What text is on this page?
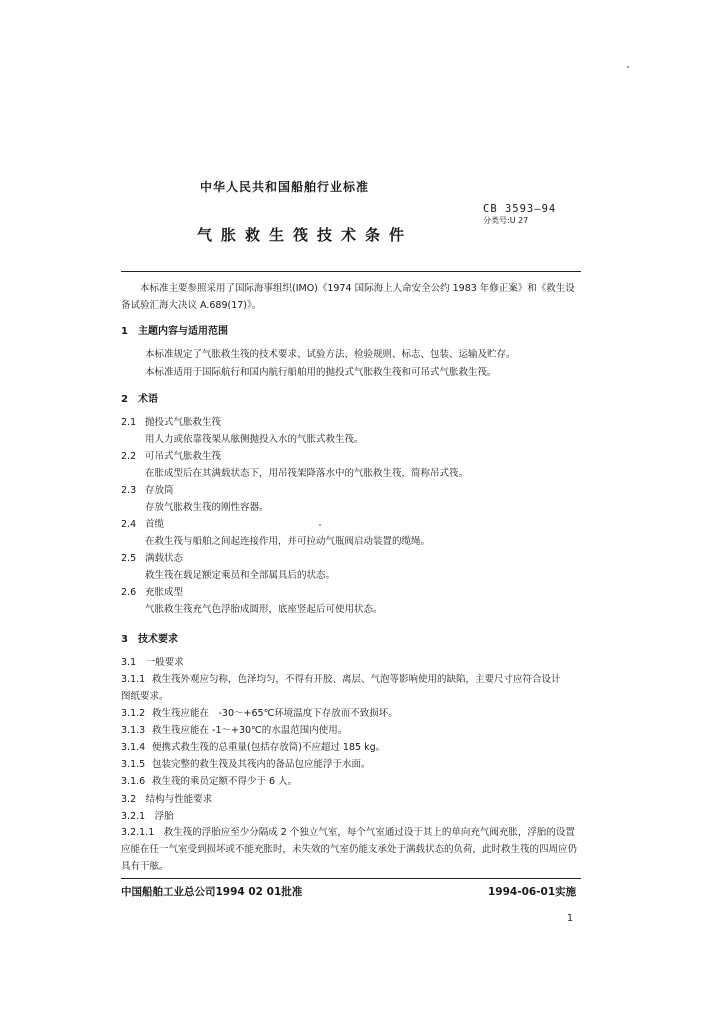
中华人民共和国船舶行业标准
CB 3593—94
分类号:U 27
气胀救生筏技术条件
本标准主要参照采用了国际海事组织(IMO)《1974 国际海上人命安全公约 1983 年修正案》和《救生设备试验汇海大决议 A.689(17)》。
1　主题内容与适用范围
本标准规定了气胀救生筏的技术要求、试验方法、检验规则、标志、包装、运输及贮存。
本标准适用于国际航行和国内航行船舶用的抛投式气胀救生筏和可吊式气胀救生筏。
2　术语
2.1 抛投式气胀救生筏
用人力或依靠筏架从舷侧抛投入水的气胀式救生筏。
2.2 可吊式气胀救生筏
在胀成型后在其满载状态下，用吊筏架降落水中的气胀救生筏，简称吊式筏。
2.3 存放筒
存放气胀救生筏的刚性容器。
2.4 首缆
在救生筏与船舶之间起连接作用，并可拉动气瓶阀启动装置的缆绳。
2.5 满载状态
救生筏在载足额定乘员和全部属具后的状态。
2.6 充胀成型
气胀救生筏充气色浮胎成圆形，底座竖起后可使用状态。
3　技术要求
3.1　一般要求
3.1.1 救生筏外观应匀称，色泽均匀，不得有开胶、离层、气泡等影响使用的缺陷，主要尺寸应符合设计
图纸要求。
3.1.2 救生筏应能在　-30～+65℃环境温度下存放而不致损坏。
3.1.3 救生筏应能在 -1～+30℃的水温范围内使用。
3.1.4 便携式救生筏的总重量(包括存放筒)不应超过 185 kg。
3.1.5 包装完整的救生筏及其筏内的备品包应能浮于水面。
3.1.6 救生筏的乘员定额不得少于 6 人。
3.2　结构与性能要求
3.2.1　浮胎
3.2.1.1　救生筏的浮胎应至少分隔成 2 个独立气室，每个气室通过设于其上的单向充气阀充胀，浮胎的设置应能在任一气室受到损坏或不能充胀时，未失效的气室仍能支承处于满载状态的负荷，此时救生筏的四周应仍具有干舷。
中国船舶工业总公司1994 02 01批准	1994-06-01实施
1
